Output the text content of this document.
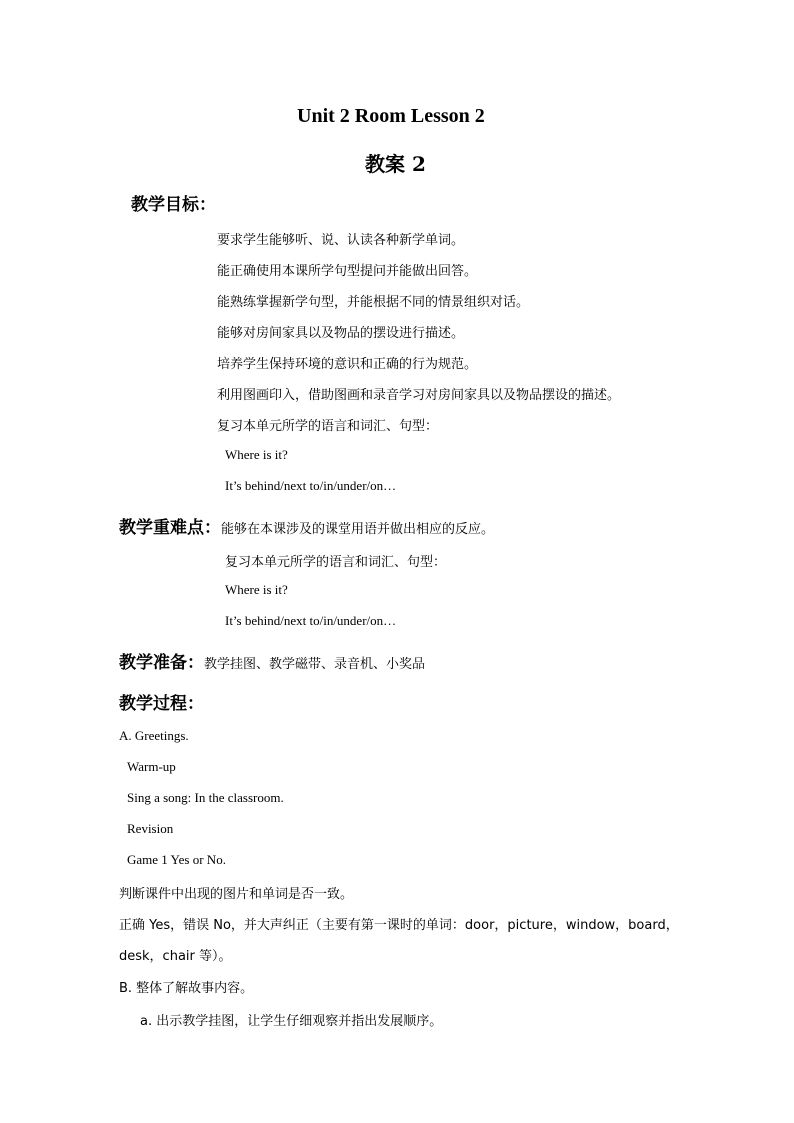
Unit 2 Room Lesson 2
教案 2
教学目标：
要求学生能够听、说、认读各种新学单词。
能正确使用本课所学句型提问并能做出回答。
能熟练掌握新学句型，并能根据不同的情景组织对话。
能够对房间家具以及物品的摆设进行描述。
培养学生保持环境的意识和正确的行为规范。
利用图画印入，借助图画和录音学习对房间家具以及物品摆设的描述。
复习本单元所学的语言和词汇、句型：
Where is it?
It’s behind/next to/in/under/on…
教学重难点：能够在本课涉及的课堂用语并做出相应的反应。
复习本单元所学的语言和词汇、句型：
Where is it?
It’s behind/next to/in/under/on…
教学准备：教学挂图、教学磁带、录音机、小奖品
教学过程：
A. Greetings.
Warm-up
Sing a song: In the classroom.
Revision
Game 1 Yes or No.
判断课件中出现的图片和单词是否一致。
正确 Yes，错误 No，并大声纠正（主要有第一课时的单词：door，picture，window，board，
desk，chair 等）。
B. 整体了解故事内容。
a. 出示教学挂图，让学生仔细观察并指出发展顺序。
